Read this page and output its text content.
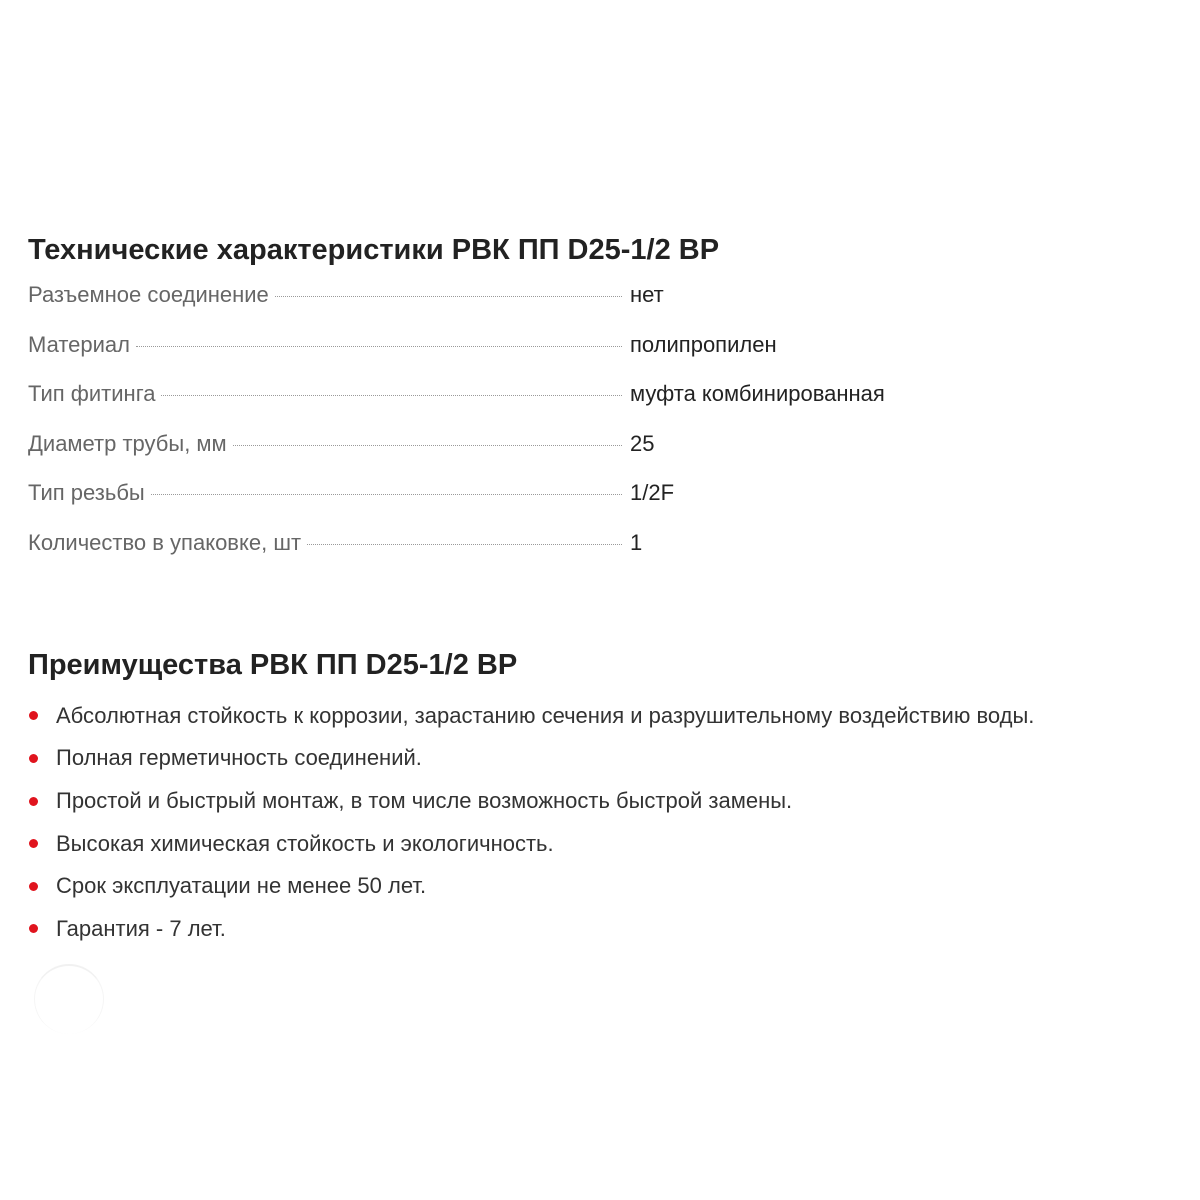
Технические характеристики РВК ПП D25-1/2 ВР
Разъемное соединение	нет
Материал	полипропилен
Тип фитинга	муфта комбинированная
Диаметр трубы, мм	25
Тип резьбы	1/2F
Количество в упаковке, шт	1
Преимущества РВК ПП D25-1/2 ВР
Абсолютная стойкость к коррозии, зарастанию сечения и разрушительному воздействию воды.
Полная герметичность соединений.
Простой и быстрый монтаж, в том числе возможность быстрой замены.
Высокая химическая стойкость и экологичность.
Срок эксплуатации не менее 50 лет.
Гарантия - 7 лет.
